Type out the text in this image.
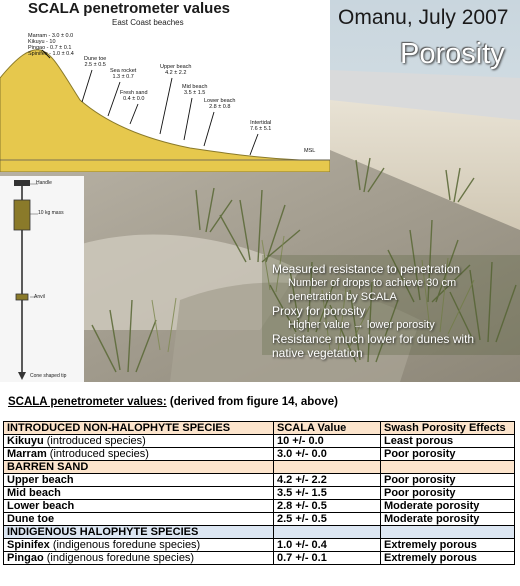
Omanu, July 2007
Porosity
Measured resistance to penetration
Number of drops to achieve 30 cm
penetration by SCALA
Proxy for porosity
Higher value → lower porosity
Resistance much lower for dunes with
native vegetation
SCALA penetrometer values
East Coast beaches
Marram - 3.0 ± 0.0
Kikuyu - 10
Pingao - 0.7 ± 0.1
Spinifex - 1.0 ± 0.4
Dune toe
2.5 ± 0.5
Sea rocket
1.3 ± 0.7
Fresh sand
0.4 ± 0.0
Upper beach
4.2 ± 2.2
Mid beach
3.5 ± 1.5
Lower beach
2.8 ± 0.8
Intertidal
7.6 ± 5.1
MSL
Handle
10 kg mass
Anvil
Cone shaped tip
SCALA penetrometer values: (derived from figure 14, above)
INTRODUCED NON-HALOPHYTE SPECIES	SCALA Value	Swash Porosity Effects
Kikuyu (introduced species)	10 +/- 0.0	Least porous
Marram (introduced species)	3.0 +/- 0.0	Poor porosity
BARREN SAND		
Upper beach	4.2 +/- 2.2	Poor porosity
Mid beach	3.5 +/- 1.5	Poor porosity
Lower beach	2.8 +/- 0.5	Moderate porosity
Dune toe	2.5 +/- 0.5	Moderate porosity
INDIGENOUS HALOPHYTE SPECIES		
Spinifex (indigenous foredune species)	1.0 +/- 0.4	Extremely porous
Pingao (indigenous foredune species)	0.7 +/- 0.1	Extremely porous
